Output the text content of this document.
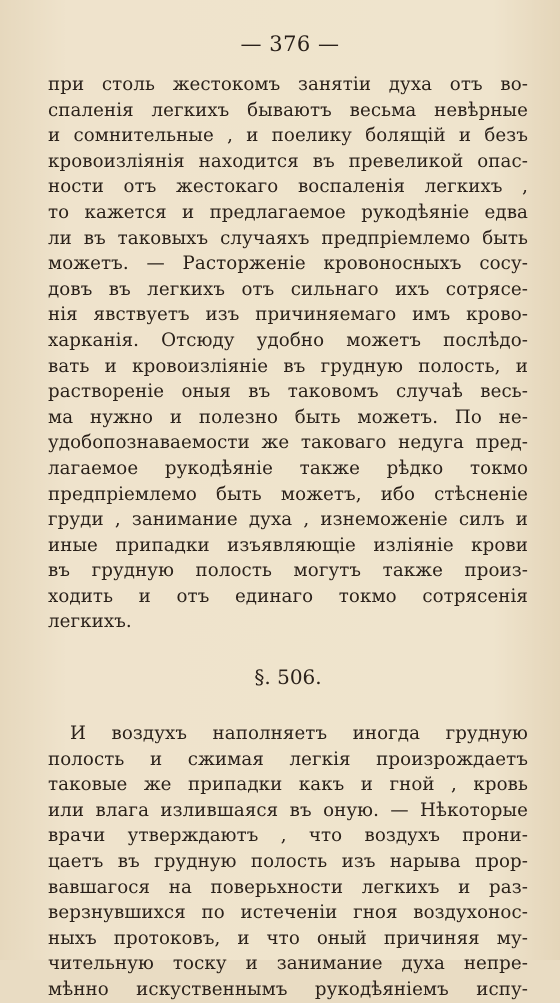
— 376 —
при столь жестокомъ занятіи духа отъ во-
спаленія легкихъ бываютъ весьма невѣрные
и сомнительные , и поелику болящій и безъ
кровоизліянія находится въ превеликой опас-
ности отъ жестокаго воспаленія легкихъ ,
то кажется и предлагаемое рукодѣяніе едва
ли въ таковыхъ случаяхъ предпріемлемо быть
можетъ. — Расторженіе кровоносныхъ сосу-
довъ въ легкихъ отъ сильнаго ихъ сотрясе-
нія явствуетъ изъ причиняемаго имъ крово-
харканія. Отсюду удобно можетъ послѣдо-
вать и кровоизліяніе въ грудную полость, и
раствореніе оныя въ таковомъ случаѣ весь-
ма нужно и полезно быть можетъ. По не-
удобопознаваемости же таковаго недуга пред-
лагаемое рукодѣяніе также рѣдко токмо
предпріемлемо быть можетъ, ибо стѣсненіе
груди , занимание духа , изнеможеніе силъ и
иные припадки изъявляющіе изліяніе крови
въ грудную полость могутъ также произ-
ходить и отъ единаго токмо сотрясенія
легкихъ.
§. 506.
И воздухъ наполняетъ иногда грудную
полость и сжимая легкія произрождаетъ
таковые же припадки какъ и гной , кровь
или влага излившаяся въ оную. — Нѣкоторые
врачи утверждаютъ , что воздухъ прони-
цаетъ въ грудную полость изъ нарыва прор-
вавшагося на поверьхности легкихъ и раз-
верзнувшихся по истеченіи гноя воздухонос-
ныхъ протоковъ, и что оный причиняя му-
чительную тоску и занимание духа непре-
мѣнно искуственнымъ рукодѣяніемъ испу-
